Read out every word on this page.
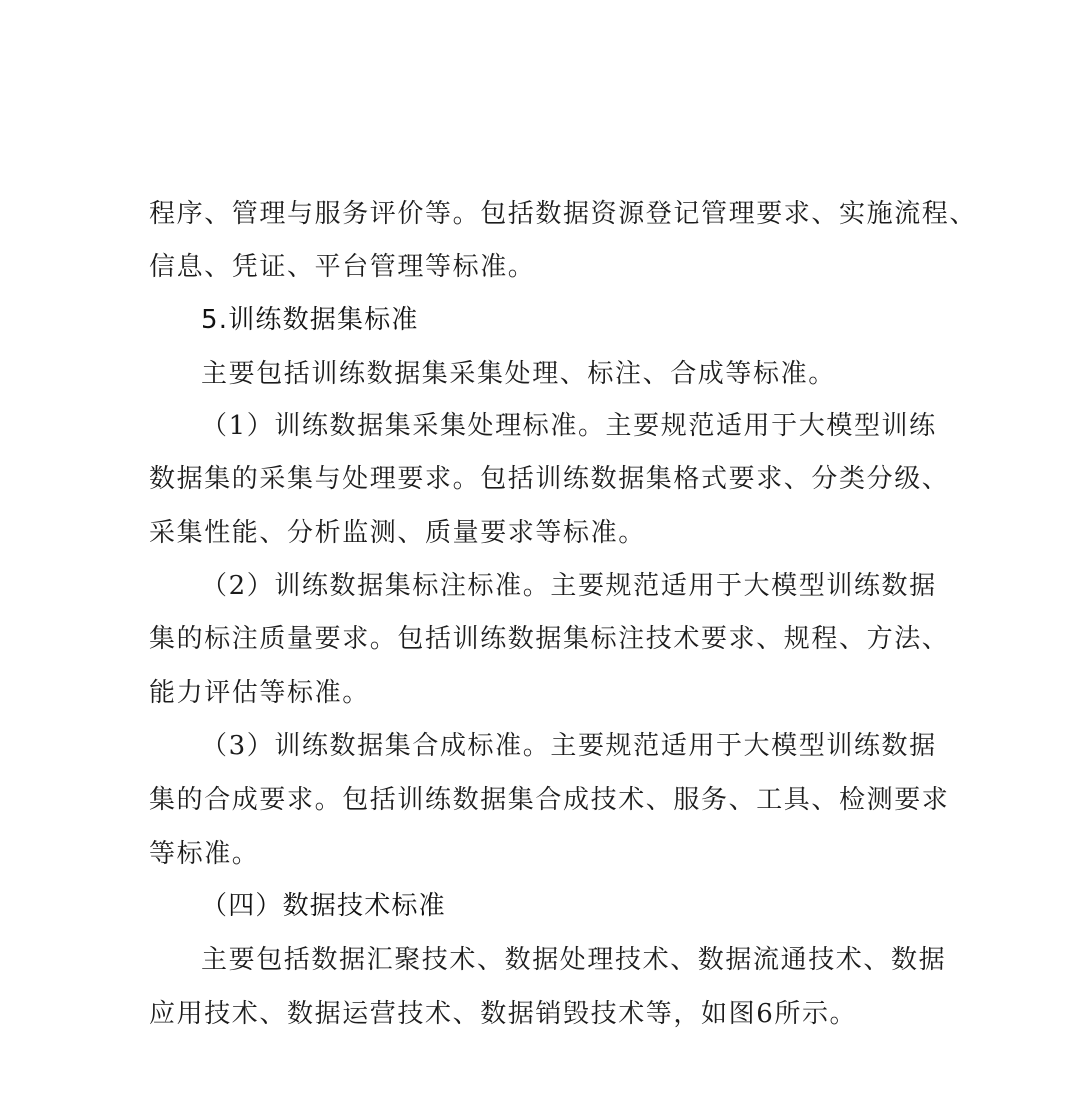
程序、管理与服务评价等。包括数据资源登记管理要求、实施流程、
信息、凭证、平台管理等标准。
5.训练数据集标准
主要包括训练数据集采集处理、标注、合成等标准。
（1）训练数据集采集处理标准。主要规范适用于大模型训练
数据集的采集与处理要求。包括训练数据集格式要求、分类分级、
采集性能、分析监测、质量要求等标准。
（2）训练数据集标注标准。主要规范适用于大模型训练数据
集的标注质量要求。包括训练数据集标注技术要求、规程、方法、
能力评估等标准。
（3）训练数据集合成标准。主要规范适用于大模型训练数据
集的合成要求。包括训练数据集合成技术、服务、工具、检测要求
等标准。
（四）数据技术标准
主要包括数据汇聚技术、数据处理技术、数据流通技术、数据
应用技术、数据运营技术、数据销毁技术等，如图6所示。
